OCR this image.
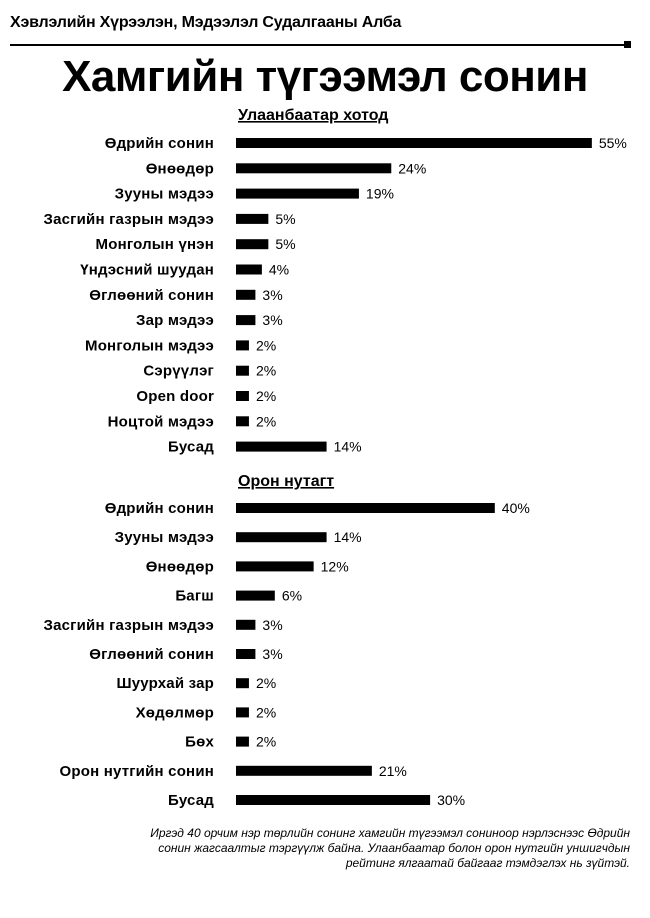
Хэвлэлийн Хүрээлэн, Мэдээлэл Судалгааны Алба
Хамгийн түгээмэл сонин
Улаанбаатар хотод
Өдрийн сонин	55%
Өнөөдөр	24%
Зууны мэдээ	19%
Засгийн газрын мэдээ	5%
Монголын үнэн	5%
Үндэсний шуудан	4%
Өглөөний сонин	3%
Зар мэдээ	3%
Монголын мэдээ	2%
Сэрүүлэг	2%
Open door	2%
Ноцтой мэдээ	2%
Бусад	14%
Орон нутагт
Өдрийн сонин	40%
Зууны мэдээ	14%
Өнөөдөр	12%
Багш	6%
Засгийн газрын мэдээ	3%
Өглөөний сонин	3%
Шуурхай зар	2%
Хөдөлмөр	2%
Бөх	2%
Орон нутгийн сонин	21%
Бусад	30%
Иргэд 40 орчим нэр төрлийн сонинг хамгийн түгээмэл сониноор нэрлэснээс Өдрийн сонин жагсаалтыг тэргүүлж байна. Улаанбаатар болон орон нутгийн уншигчдын рейтинг ялгаатай байгааг тэмдэглэх нь зүйтэй.
